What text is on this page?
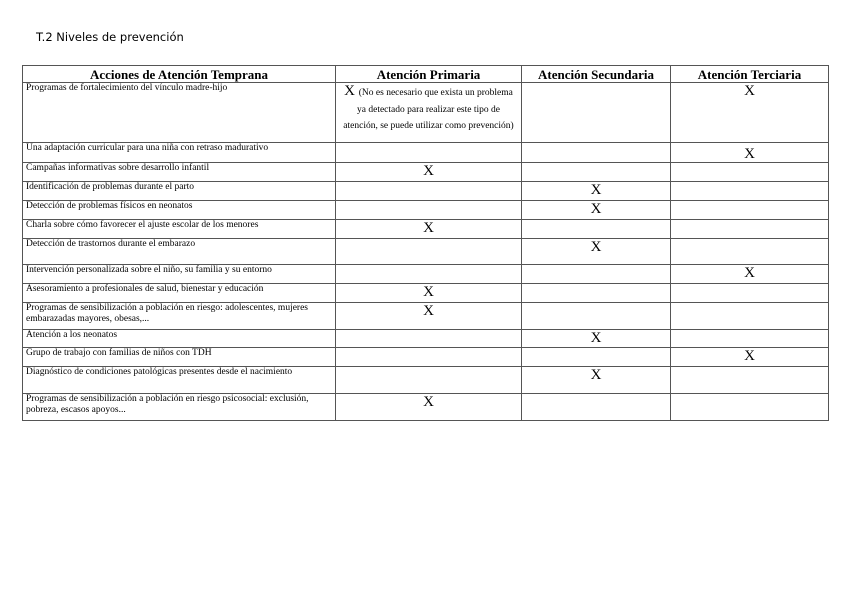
T.2 Niveles de prevención
Acciones de Atención Temprana	Atención Primaria	Atención Secundaria	Atención Terciaria
Programas de fortalecimiento del vínculo madre-hijo	X (No es necesario que exista un problema ya detectado para realizar este tipo de atención, se puede utilizar como prevención)		X
Una adaptación curricular para una niña con retraso madurativo			X
Campañas informativas sobre desarrollo infantil	X		
Identificación de problemas durante el parto		X	
Detección de problemas físicos en neonatos		X	
Charla sobre cómo favorecer el ajuste escolar de los menores	X		
Detección de trastornos durante el embarazo		X	
Intervención personalizada sobre el niño, su familia y su entorno			X
Asesoramiento a profesionales de salud, bienestar y educación	X		
Programas de sensibilización a población en riesgo: adolescentes, mujeres embarazadas mayores, obesas,...	X		
Atención a los neonatos		X	
Grupo de trabajo con familias de niños con TDH			X
Diagnóstico de condiciones patológicas presentes desde el nacimiento		X	
Programas de sensibilización a población en riesgo psicosocial: exclusión, pobreza, escasos apoyos...	X		
